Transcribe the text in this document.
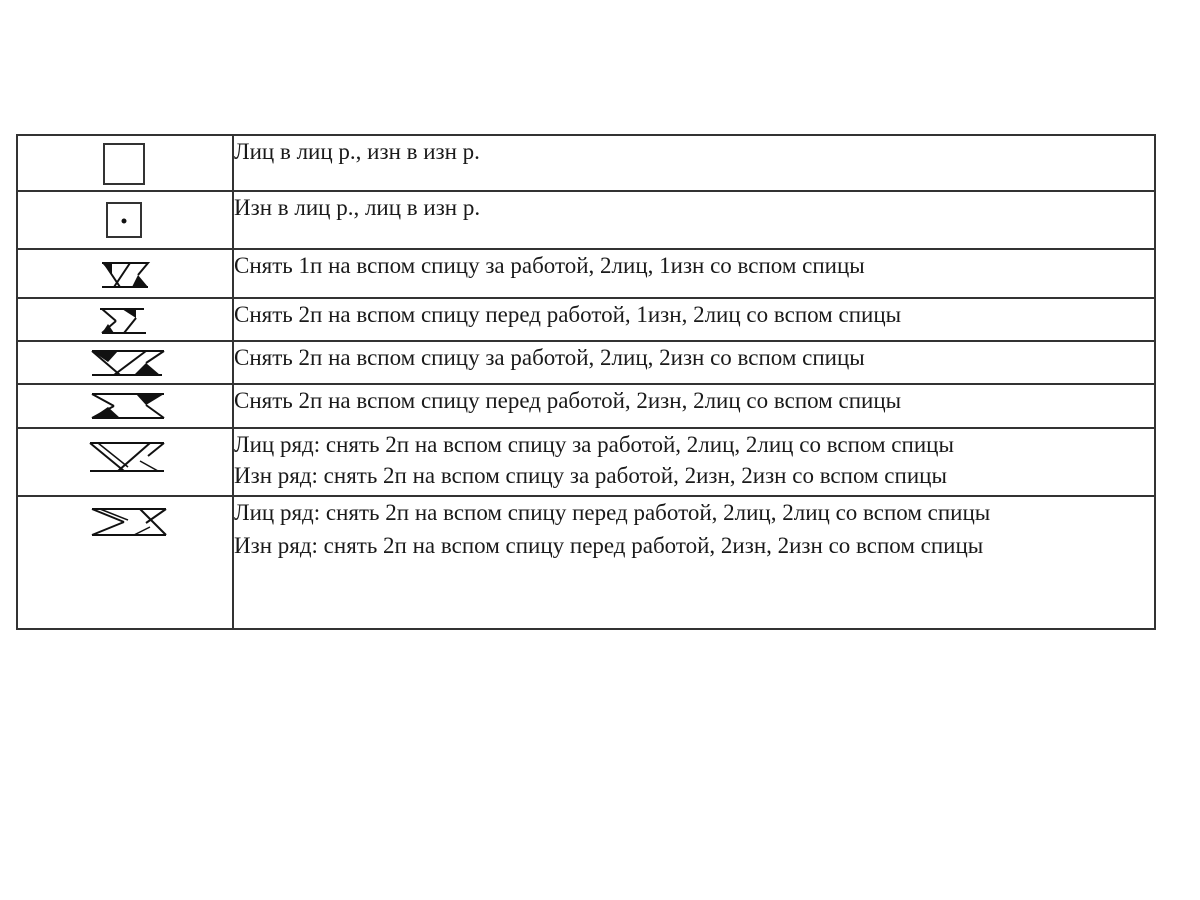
Лиц в лиц р., изн в изн р.

Изн в лиц р., лиц в изн р.

Снять 1п на вспом спицу за работой, 2лиц, 1изн со вспом спицы

Снять 2п на вспом спицу перед работой, 1изн, 2лиц со вспом спицы

Снять 2п на вспом спицу за работой, 2лиц, 2изн со вспом спицы

Снять 2п на вспом спицу перед работой, 2изн, 2лиц со вспом спицы

Лиц ряд: снять 2п на вспом спицу за работой, 2лиц, 2лиц со вспом спицы
Изн ряд: снять 2п на вспом спицу за работой, 2изн, 2изн со вспом спицы

Лиц ряд: снять 2п на вспом спицу перед работой, 2лиц, 2лиц со вспом спицы
Изн ряд: снять 2п на вспом спицу перед работой, 2изн, 2изн со вспом спицы
